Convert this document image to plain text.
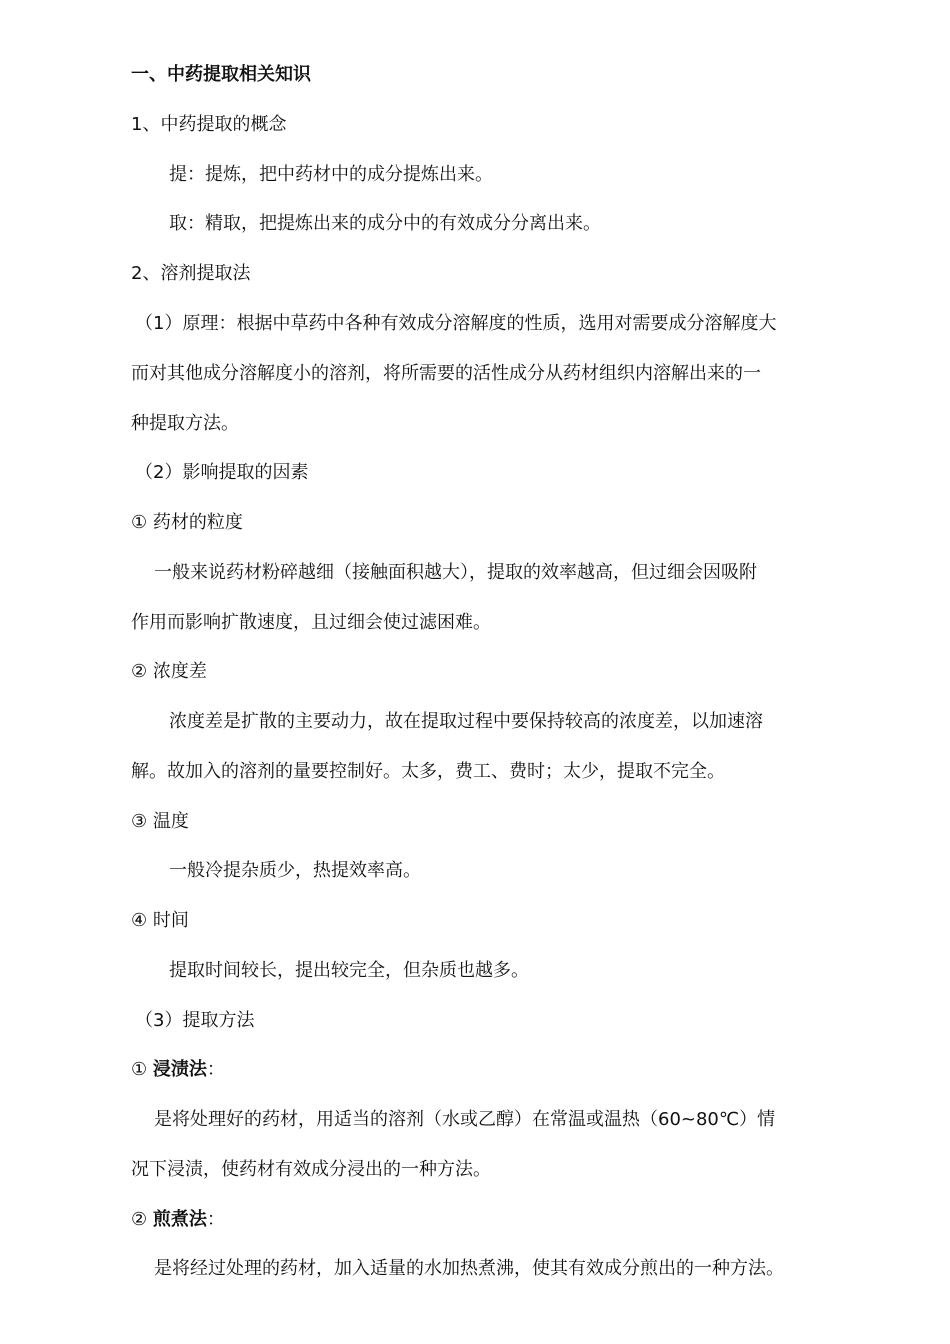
一、中药提取相关知识
1、中药提取的概念
提：提炼，把中药材中的成分提炼出来。
取：精取，把提炼出来的成分中的有效成分分离出来。
2、溶剂提取法
（1）原理：根据中草药中各种有效成分溶解度的性质，选用对需要成分溶解度大
而对其他成分溶解度小的溶剂，将所需要的活性成分从药材组织内溶解出来的一
种提取方法。
（2）影响提取的因素
① 药材的粒度
一般来说药材粉碎越细（接触面积越大），提取的效率越高，但过细会因吸附
作用而影响扩散速度，且过细会使过滤困难。
② 浓度差
浓度差是扩散的主要动力，故在提取过程中要保持较高的浓度差，以加速溶
解。故加入的溶剂的量要控制好。太多，费工、费时；太少，提取不完全。
③ 温度
一般冷提杂质少，热提效率高。
④ 时间
提取时间较长，提出较完全，但杂质也越多。
（3）提取方法
① 浸渍法：
是将处理好的药材，用适当的溶剂（水或乙醇）在常温或温热（60~80℃）情
况下浸渍，使药材有效成分浸出的一种方法。
② 煎煮法：
是将经过处理的药材，加入适量的水加热煮沸，使其有效成分煎出的一种方法。
